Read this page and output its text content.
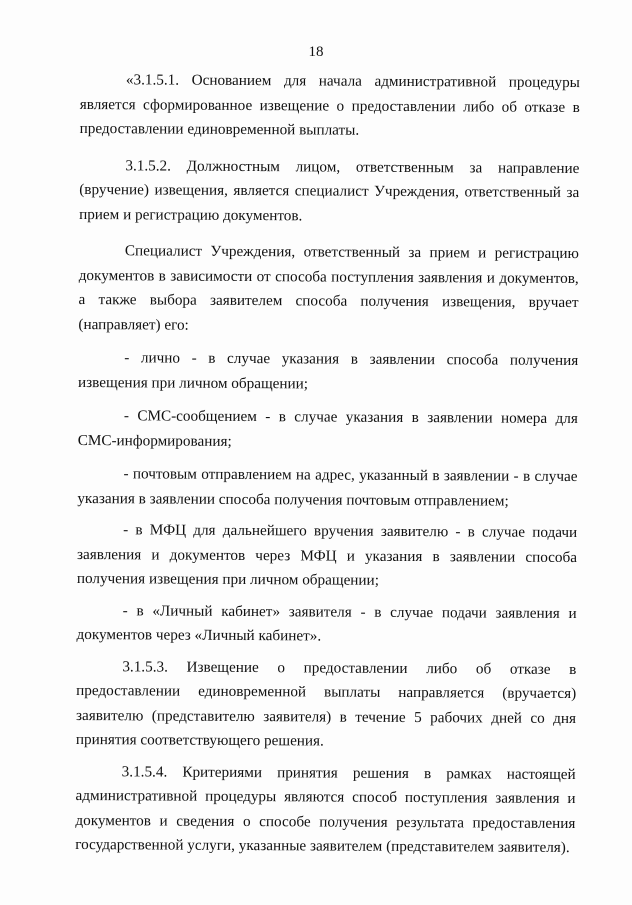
18

«3.1.5.1. Основанием для начала административной процедуры является сформированное извещение о предоставлении либо об отказе в предоставлении единовременной выплаты.

3.1.5.2. Должностным лицом, ответственным за направление (вручение) извещения, является специалист Учреждения, ответственный за прием и регистрацию документов.

Специалист Учреждения, ответственный за прием и регистрацию документов в зависимости от способа поступления заявления и документов, а также выбора заявителем способа получения извещения, вручает (направляет) его:

- лично - в случае указания в заявлении способа получения извещения при личном обращении;

- СМС-сообщением - в случае указания в заявлении номера для СМС-информирования;

- почтовым отправлением на адрес, указанный в заявлении - в случае указания в заявлении способа получения почтовым отправлением;

- в МФЦ для дальнейшего вручения заявителю - в случае подачи заявления и документов через МФЦ и указания в заявлении способа получения извещения при личном обращении;

- в «Личный кабинет» заявителя - в случае подачи заявления и документов через «Личный кабинет».

3.1.5.3. Извещение о предоставлении либо об отказе в предоставлении единовременной выплаты направляется (вручается) заявителю (представителю заявителя) в течение 5 рабочих дней со дня принятия соответствующего решения.

3.1.5.4. Критериями принятия решения в рамках настоящей административной процедуры являются способ поступления заявления и документов и сведения о способе получения результата предоставления государственной услуги, указанные заявителем (представителем заявителя).
